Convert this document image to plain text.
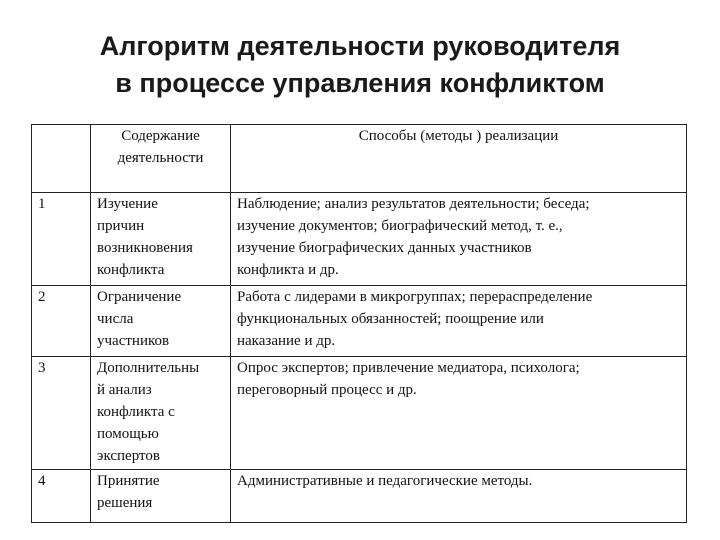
Алгоритм деятельности руководителя
в процессе управления конфликтом
	Содержание
деятельности	Способы (методы ) реализации
1	Изучение
причин
возникновения
конфликта	Наблюдение; анализ результатов деятельности; беседа;
изучение документов; биографический метод, т. е.,
изучение биографических данных участников
конфликта и др.
2	Ограничение
числа
участников	Работа с лидерами в микрогруппах; перераспределение
функциональных обязанностей; поощрение или
наказание и др.
3	Дополнительны
й анализ
конфликта с
помощью
экспертов	Опрос экспертов; привлечение медиатора, психолога;
переговорный процесс и др.
4	Принятие
решения	Административные и педагогические методы.
